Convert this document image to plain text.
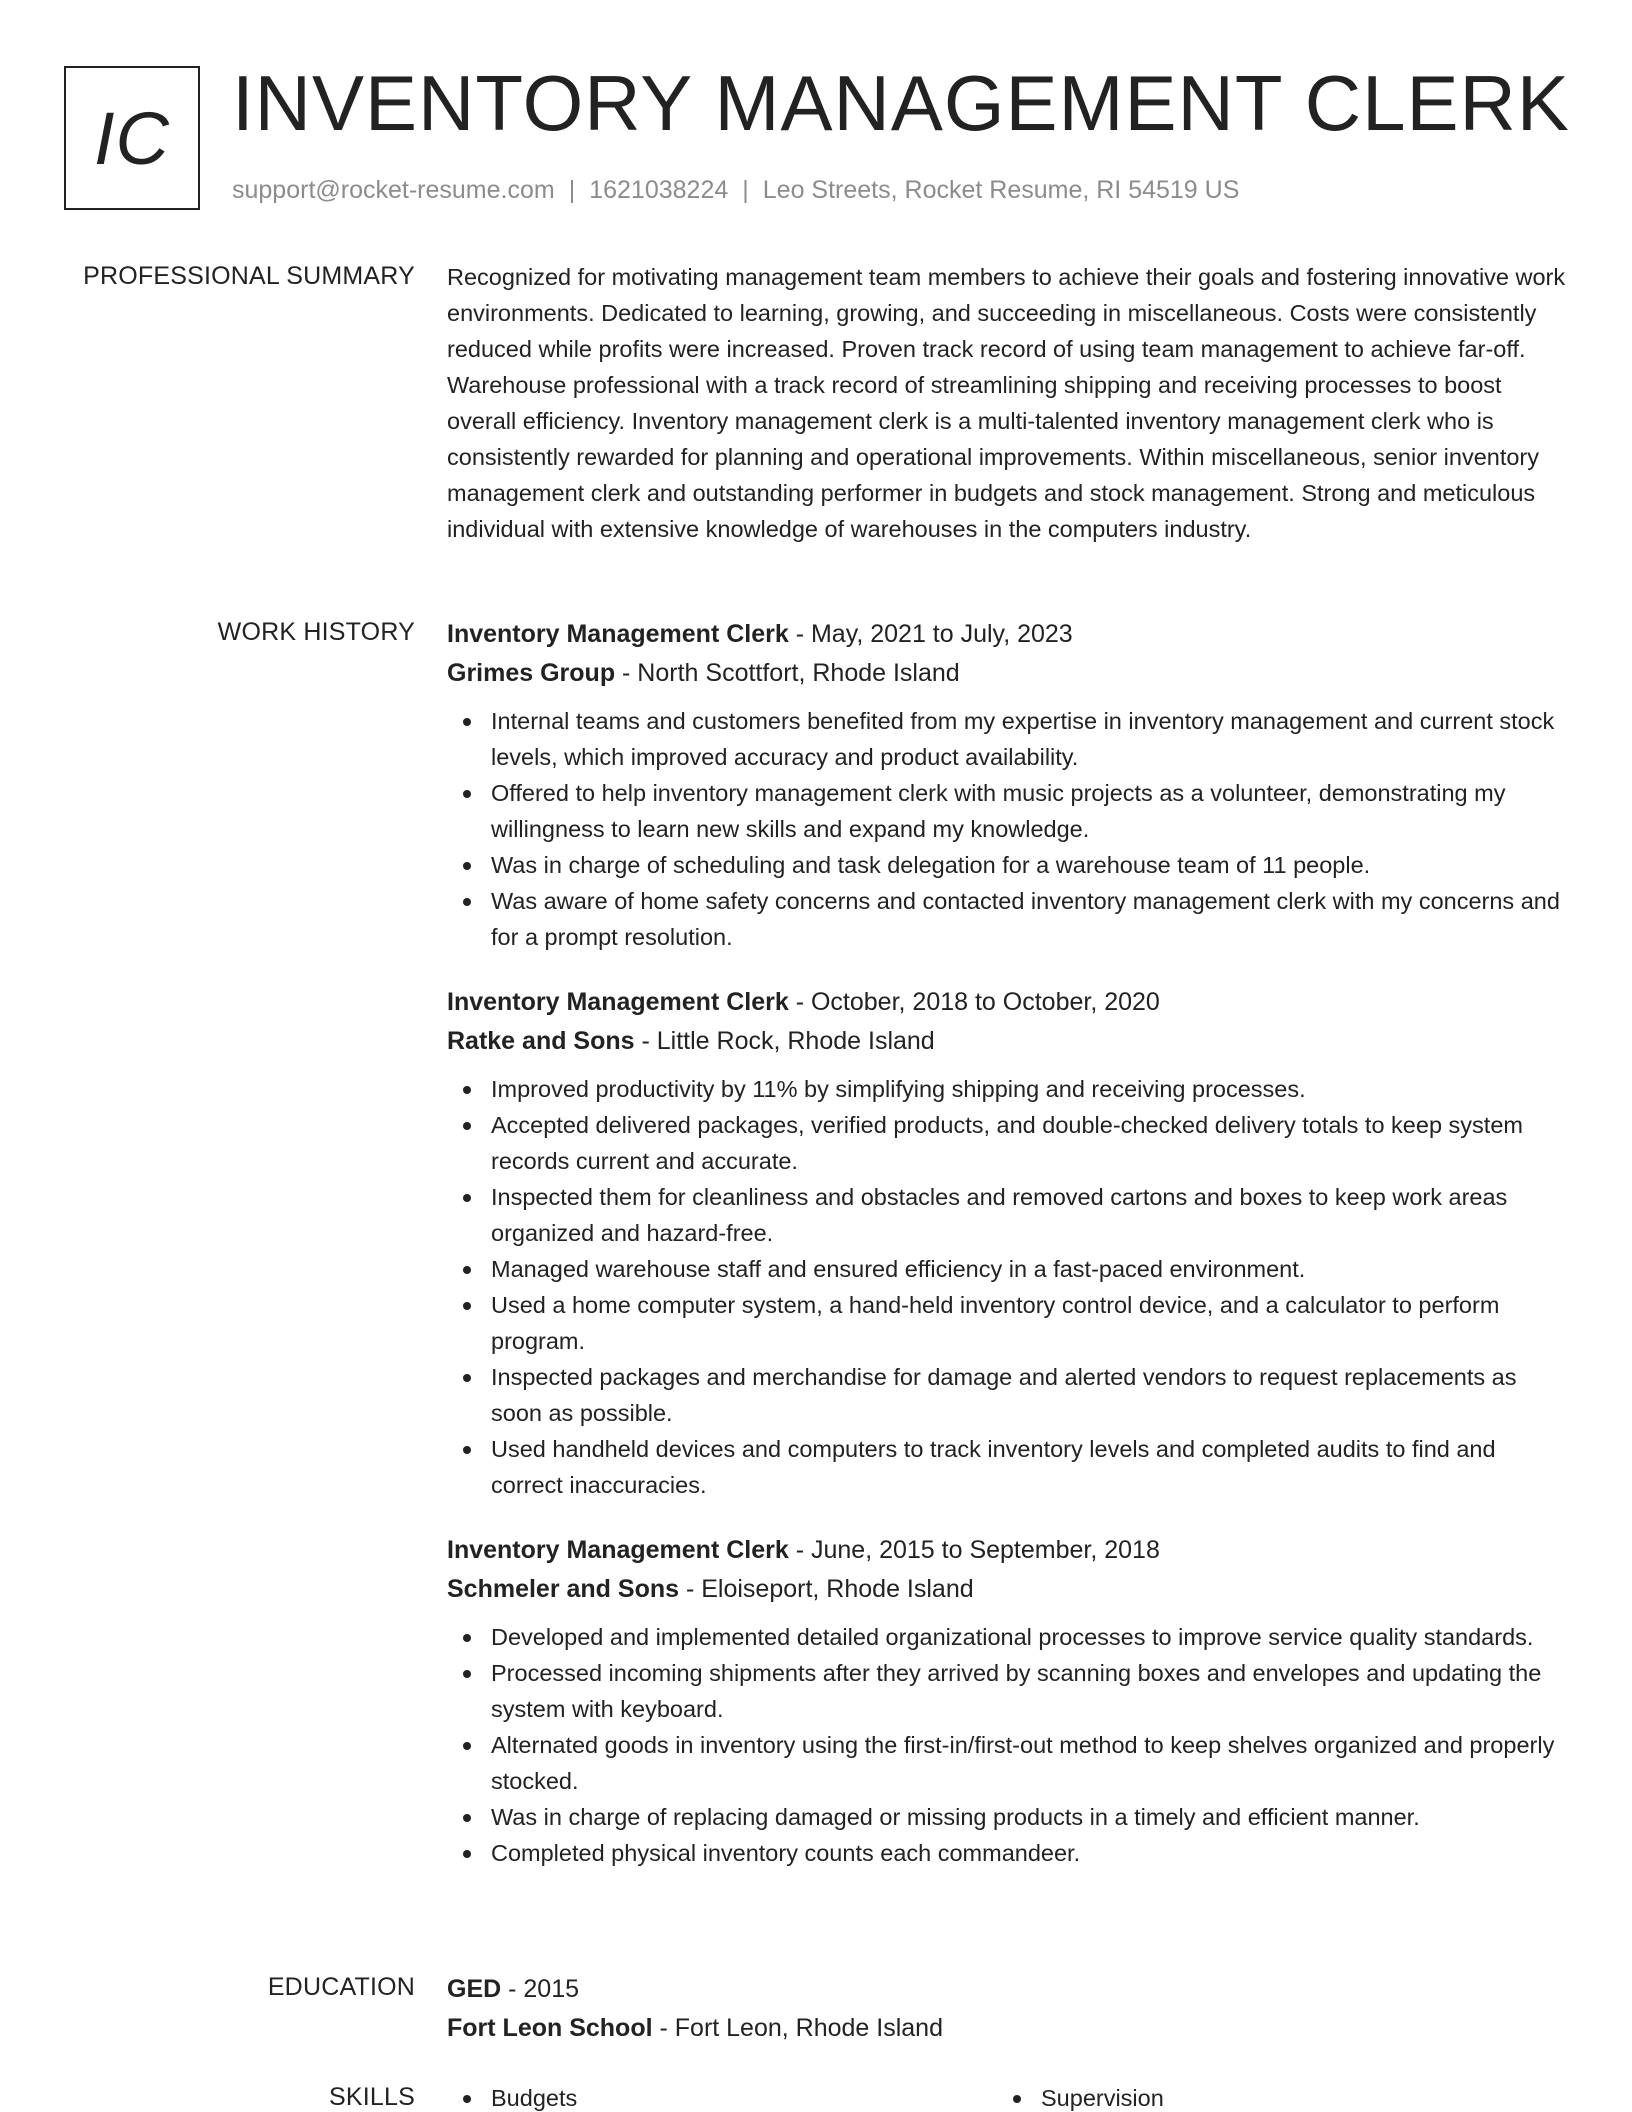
IC INVENTORY MANAGEMENT CLERK
support@rocket-resume.com | 1621038224 | Leo Streets, Rocket Resume, RI 54519 US
PROFESSIONAL SUMMARY Recognized for motivating management team members to achieve their goals and fostering innovative work environments. Dedicated to learning, growing, and succeeding in miscellaneous. Costs were consistently reduced while profits were increased. Proven track record of using team management to achieve far-off. Warehouse professional with a track record of streamlining shipping and receiving processes to boost overall efficiency. Inventory management clerk is a multi-talented inventory management clerk who is consistently rewarded for planning and operational improvements. Within miscellaneous, senior inventory management clerk and outstanding performer in budgets and stock management. Strong and meticulous individual with extensive knowledge of warehouses in the computers industry.
WORK HISTORY Inventory Management Clerk - May, 2021 to July, 2023
Grimes Group - North Scottfort, Rhode Island
Internal teams and customers benefited from my expertise in inventory management and current stock levels, which improved accuracy and product availability.
Offered to help inventory management clerk with music projects as a volunteer, demonstrating my willingness to learn new skills and expand my knowledge.
Was in charge of scheduling and task delegation for a warehouse team of 11 people.
Was aware of home safety concerns and contacted inventory management clerk with my concerns and for a prompt resolution.
Inventory Management Clerk - October, 2018 to October, 2020
Ratke and Sons - Little Rock, Rhode Island
Improved productivity by 11% by simplifying shipping and receiving processes.
Accepted delivered packages, verified products, and double-checked delivery totals to keep system records current and accurate.
Inspected them for cleanliness and obstacles and removed cartons and boxes to keep work areas organized and hazard-free.
Managed warehouse staff and ensured efficiency in a fast-paced environment.
Used a home computer system, a hand-held inventory control device, and a calculator to perform program.
Inspected packages and merchandise for damage and alerted vendors to request replacements as soon as possible.
Used handheld devices and computers to track inventory levels and completed audits to find and correct inaccuracies.
Inventory Management Clerk - June, 2015 to September, 2018
Schmeler and Sons - Eloiseport, Rhode Island
Developed and implemented detailed organizational processes to improve service quality standards.
Processed incoming shipments after they arrived by scanning boxes and envelopes and updating the system with keyboard.
Alternated goods in inventory using the first-in/first-out method to keep shelves organized and properly stocked.
Was in charge of replacing damaged or missing products in a timely and efficient manner.
Completed physical inventory counts each commandeer.
EDUCATION GED - 2015
Fort Leon School - Fort Leon, Rhode Island
SKILLS	Budgets	Supervision
